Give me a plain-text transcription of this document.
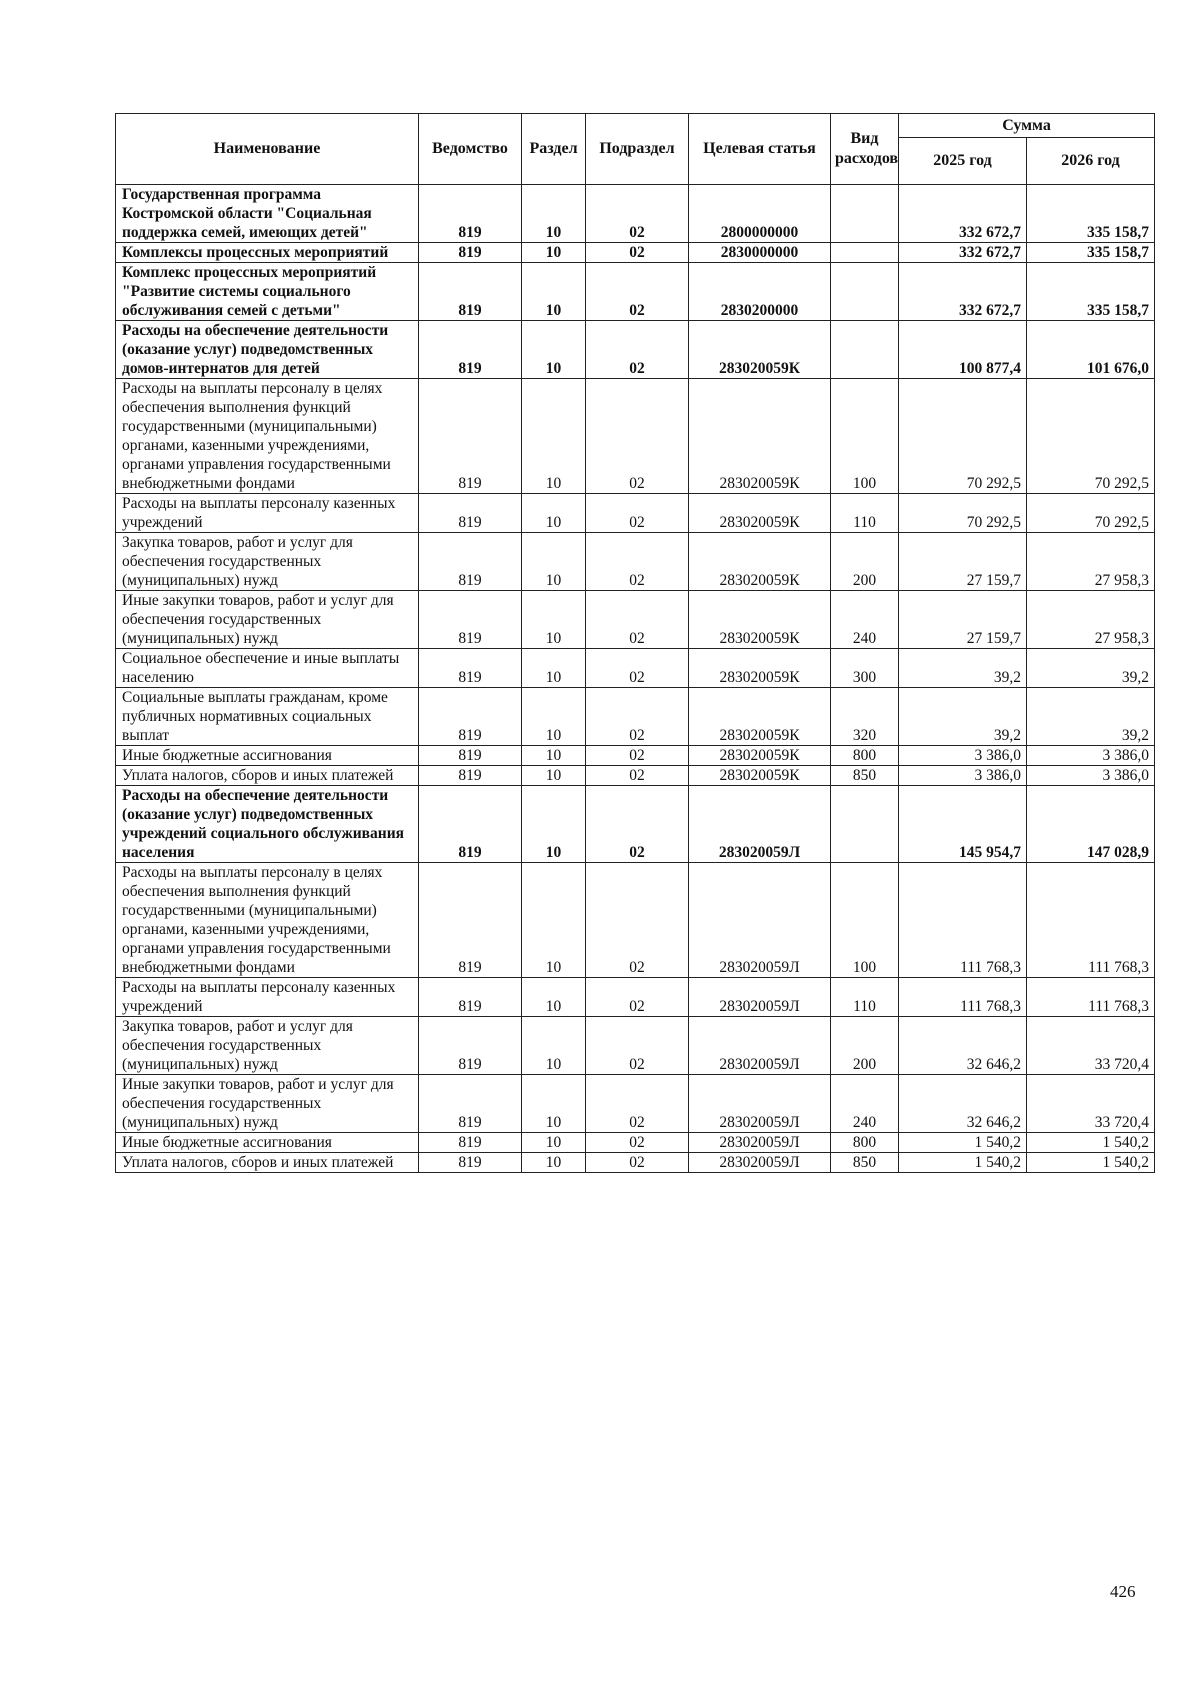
Наименование	Ведомство	Раздел	Подраздел	Целевая статья	Вид расходов	Сумма	
						2025 год	2026 год
Государственная программа Костромской области "Социальная поддержка семей, имеющих детей"	819	10	02	2800000000		332 672,7	335 158,7
Комплексы процессных мероприятий	819	10	02	2830000000		332 672,7	335 158,7
Комплекс процессных мероприятий "Развитие системы социального обслуживания семей с детьми"	819	10	02	2830200000		332 672,7	335 158,7
Расходы на обеспечение деятельности (оказание услуг) подведомственных домов-интернатов для детей	819	10	02	283020059К		100 877,4	101 676,0
Расходы на выплаты персоналу в целях обеспечения выполнения функций государственными (муниципальными) органами, казенными учреждениями, органами управления государственными внебюджетными фондами	819	10	02	283020059К	100	70 292,5	70 292,5
Расходы на выплаты персоналу казенных учреждений	819	10	02	283020059К	110	70 292,5	70 292,5
Закупка товаров, работ и услуг для обеспечения государственных (муниципальных) нужд	819	10	02	283020059К	200	27 159,7	27 958,3
Иные закупки товаров, работ и услуг для обеспечения государственных (муниципальных) нужд	819	10	02	283020059К	240	27 159,7	27 958,3
Социальное обеспечение и иные выплаты населению	819	10	02	283020059К	300	39,2	39,2
Социальные выплаты гражданам, кроме публичных нормативных социальных выплат	819	10	02	283020059К	320	39,2	39,2
Иные бюджетные ассигнования	819	10	02	283020059К	800	3 386,0	3 386,0
Уплата налогов, сборов и иных платежей	819	10	02	283020059К	850	3 386,0	3 386,0
Расходы на обеспечение деятельности (оказание услуг) подведомственных учреждений социального обслуживания населения	819	10	02	283020059Л		145 954,7	147 028,9
Расходы на выплаты персоналу в целях обеспечения выполнения функций государственными (муниципальными) органами, казенными учреждениями, органами управления государственными внебюджетными фондами	819	10	02	283020059Л	100	111 768,3	111 768,3
Расходы на выплаты персоналу казенных учреждений	819	10	02	283020059Л	110	111 768,3	111 768,3
Закупка товаров, работ и услуг для обеспечения государственных (муниципальных) нужд	819	10	02	283020059Л	200	32 646,2	33 720,4
Иные закупки товаров, работ и услуг для обеспечения государственных (муниципальных) нужд	819	10	02	283020059Л	240	32 646,2	33 720,4
Иные бюджетные ассигнования	819	10	02	283020059Л	800	1 540,2	1 540,2
Уплата налогов, сборов и иных платежей	819	10	02	283020059Л	850	1 540,2	1 540,2
426
